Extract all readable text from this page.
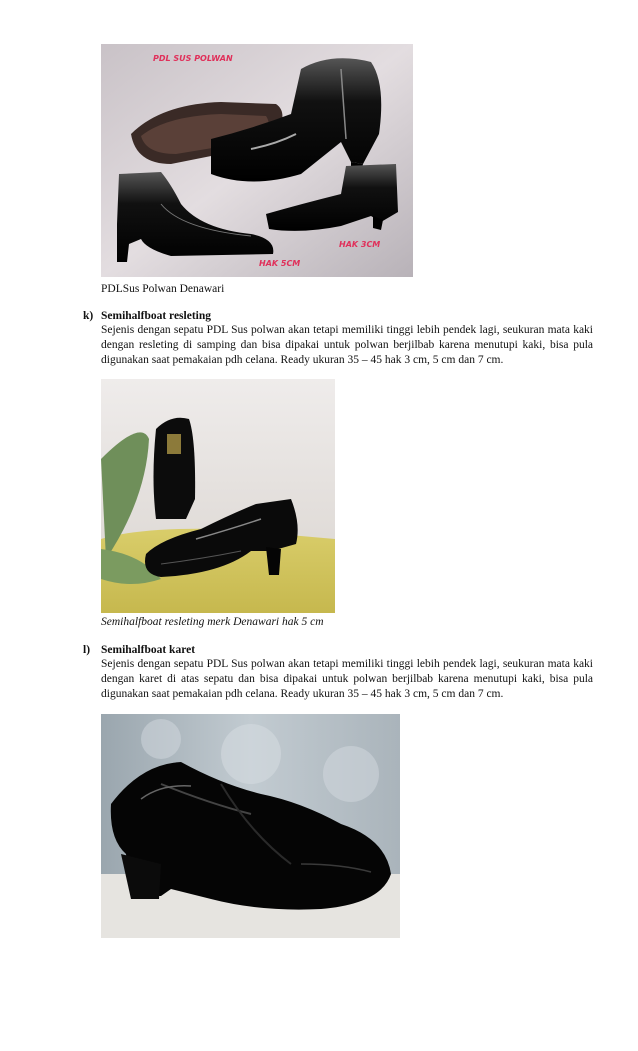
PDL SUS POLWAN
HAK 3CM
HAK 5CM
PDLSus Polwan Denawari
k) Semihalfboat resleting
Sejenis dengan sepatu PDL Sus polwan akan tetapi memiliki tinggi lebih pendek lagi, seukuran mata kaki dengan resleting di samping dan bisa dipakai untuk polwan berjilbab karena menutupi kaki, bisa pula digunakan saat pemakaian pdh celana. Ready ukuran 35 – 45 hak 3 cm, 5 cm dan 7 cm.
Semihalfboat resleting merk Denawari hak 5 cm
l) Semihalfboat karet
Sejenis dengan sepatu PDL Sus polwan akan tetapi memiliki tinggi lebih pendek lagi, seukuran mata kaki dengan karet di atas sepatu dan bisa dipakai untuk polwan berjilbab karena menutupi kaki, bisa pula digunakan saat pemakaian pdh celana. Ready ukuran 35 – 45 hak 3 cm, 5 cm dan 7 cm.
